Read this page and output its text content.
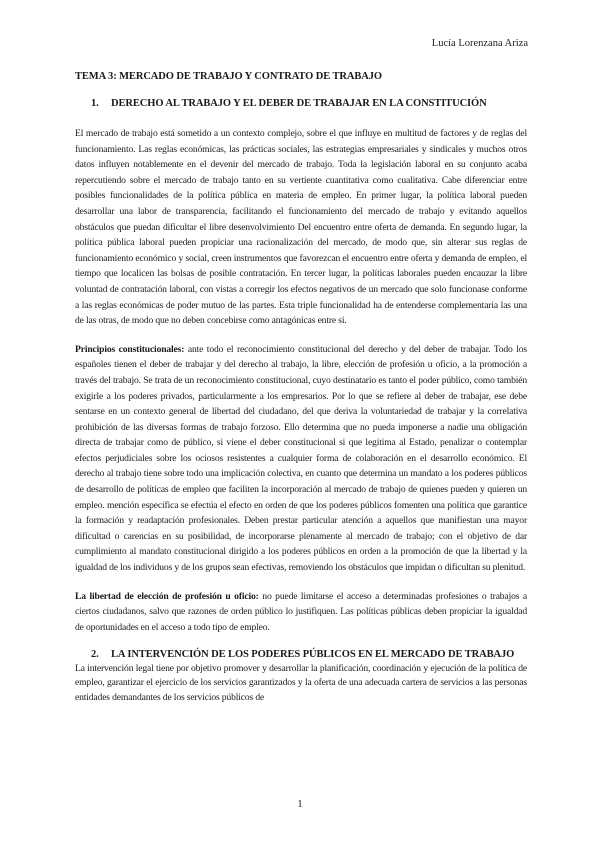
Lucía Lorenzana Ariza
TEMA 3: MERCADO DE TRABAJO Y CONTRATO DE TRABAJO
1.	DERECHO AL TRABAJO Y EL DEBER DE TRABAJAR EN LA CONSTITUCIÓN

El mercado de trabajo está sometido a un contexto complejo, sobre el que influye en multitud de factores y de reglas del funcionamiento. Las reglas económicas, las prácticas sociales, las estrategias empresariales y sindicales y muchos otros datos influyen notablemente en el devenir del mercado de trabajo. Toda la legislación laboral en su conjunto acaba repercutiendo sobre el mercado de trabajo tanto en su vertiente cuantitativa como cualitativa. Cabe diferenciar entre posibles funcionalidades de la política pública en materia de empleo. En primer lugar, la política laboral pueden desarrollar una labor de transparencia, facilitando el funcionamiento del mercado de trabajo y evitando aquellos obstáculos que puedan dificultar el libre desenvolvimiento Del encuentro entre oferta de demanda. En segundo lugar, la política pública laboral pueden propiciar una racionalización del mercado, de modo que, sin alterar sus reglas de funcionamiento económico y social, creen instrumentos que favorezcan el encuentro entre oferta y demanda de empleo, el tiempo que localicen las bolsas de posible contratación. En tercer lugar, la políticas laborales pueden encauzar la libre voluntad de contratación laboral, con vistas a corregir los efectos negativos de un mercado que solo funcionase conforme a las reglas económicas de poder mutuo de las partes. Esta triple funcionalidad ha de entenderse complementaria las una de las otras, de modo que no deben concebirse como antagónicas entre sí.

Principios constitucionales: ante todo el reconocimiento constitucional del derecho y del deber de trabajar. Todo los españoles tienen el deber de trabajar y del derecho al trabajo, la libre, elección de profesión u oficio, a la promoción a través del trabajo. Se trata de un reconocimiento constitucional, cuyo destinatario es tanto el poder público, como también exigirle a los poderes privados, particularmente a los empresarios. Por lo que se refiere al deber de trabajar, ese debe sentarse en un contexto general de libertad del ciudadano, del que deriva la voluntariedad de trabajar y la correlativa prohibición de las diversas formas de trabajo forzoso. Ello determina que no pueda imponerse a nadie una obligación directa de trabajar como de público, si viene el deber constitucional si que legitima al Estado, penalizar o contemplar efectos perjudiciales sobre los ociosos resistentes a cualquier forma de colaboración en el desarrollo económico. El derecho al trabajo tiene sobre todo una implicación colectiva, en cuanto que determina un mandato a los poderes públicos de desarrollo de políticas de empleo que faciliten la incorporación al mercado de trabajo de quienes pueden y quieren un empleo. mención específica se efectúa el efecto en orden de que los poderes públicos fomenten una política que garantice la formación y readaptación profesionales. Deben prestar particular atención a aquellos que manifiestan una mayor dificultad o carencias en su posibilidad, de incorporarse plenamente al mercado de trabajo; con el objetivo de dar cumplimiento al mandato constitucional dirigido a los poderes públicos en orden a la promoción de que la libertad y la igualdad de los individuos y de los grupos sean efectivas, removiendo los obstáculos que impidan o dificultan su plenitud.

La libertad de elección de profesión u oficio: no puede limitarse el acceso a determinadas profesiones o trabajos a ciertos ciudadanos, salvo que razones de orden público lo justifiquen. Las políticas públicas deben propiciar la igualdad de oportunidades en el acceso a todo tipo de empleo.

2.	LA INTERVENCIÓN DE LOS PODERES PÚBLICOS EN EL MERCADO DE TRABAJO

La intervención legal tiene por objetivo promover y desarrollar la planificación, coordinación y ejecución de la política de empleo, garantizar el ejercicio de los servicios garantizados y la oferta de una adecuada cartera de servicios a las personas entidades demandantes de los servicios públicos de

1
